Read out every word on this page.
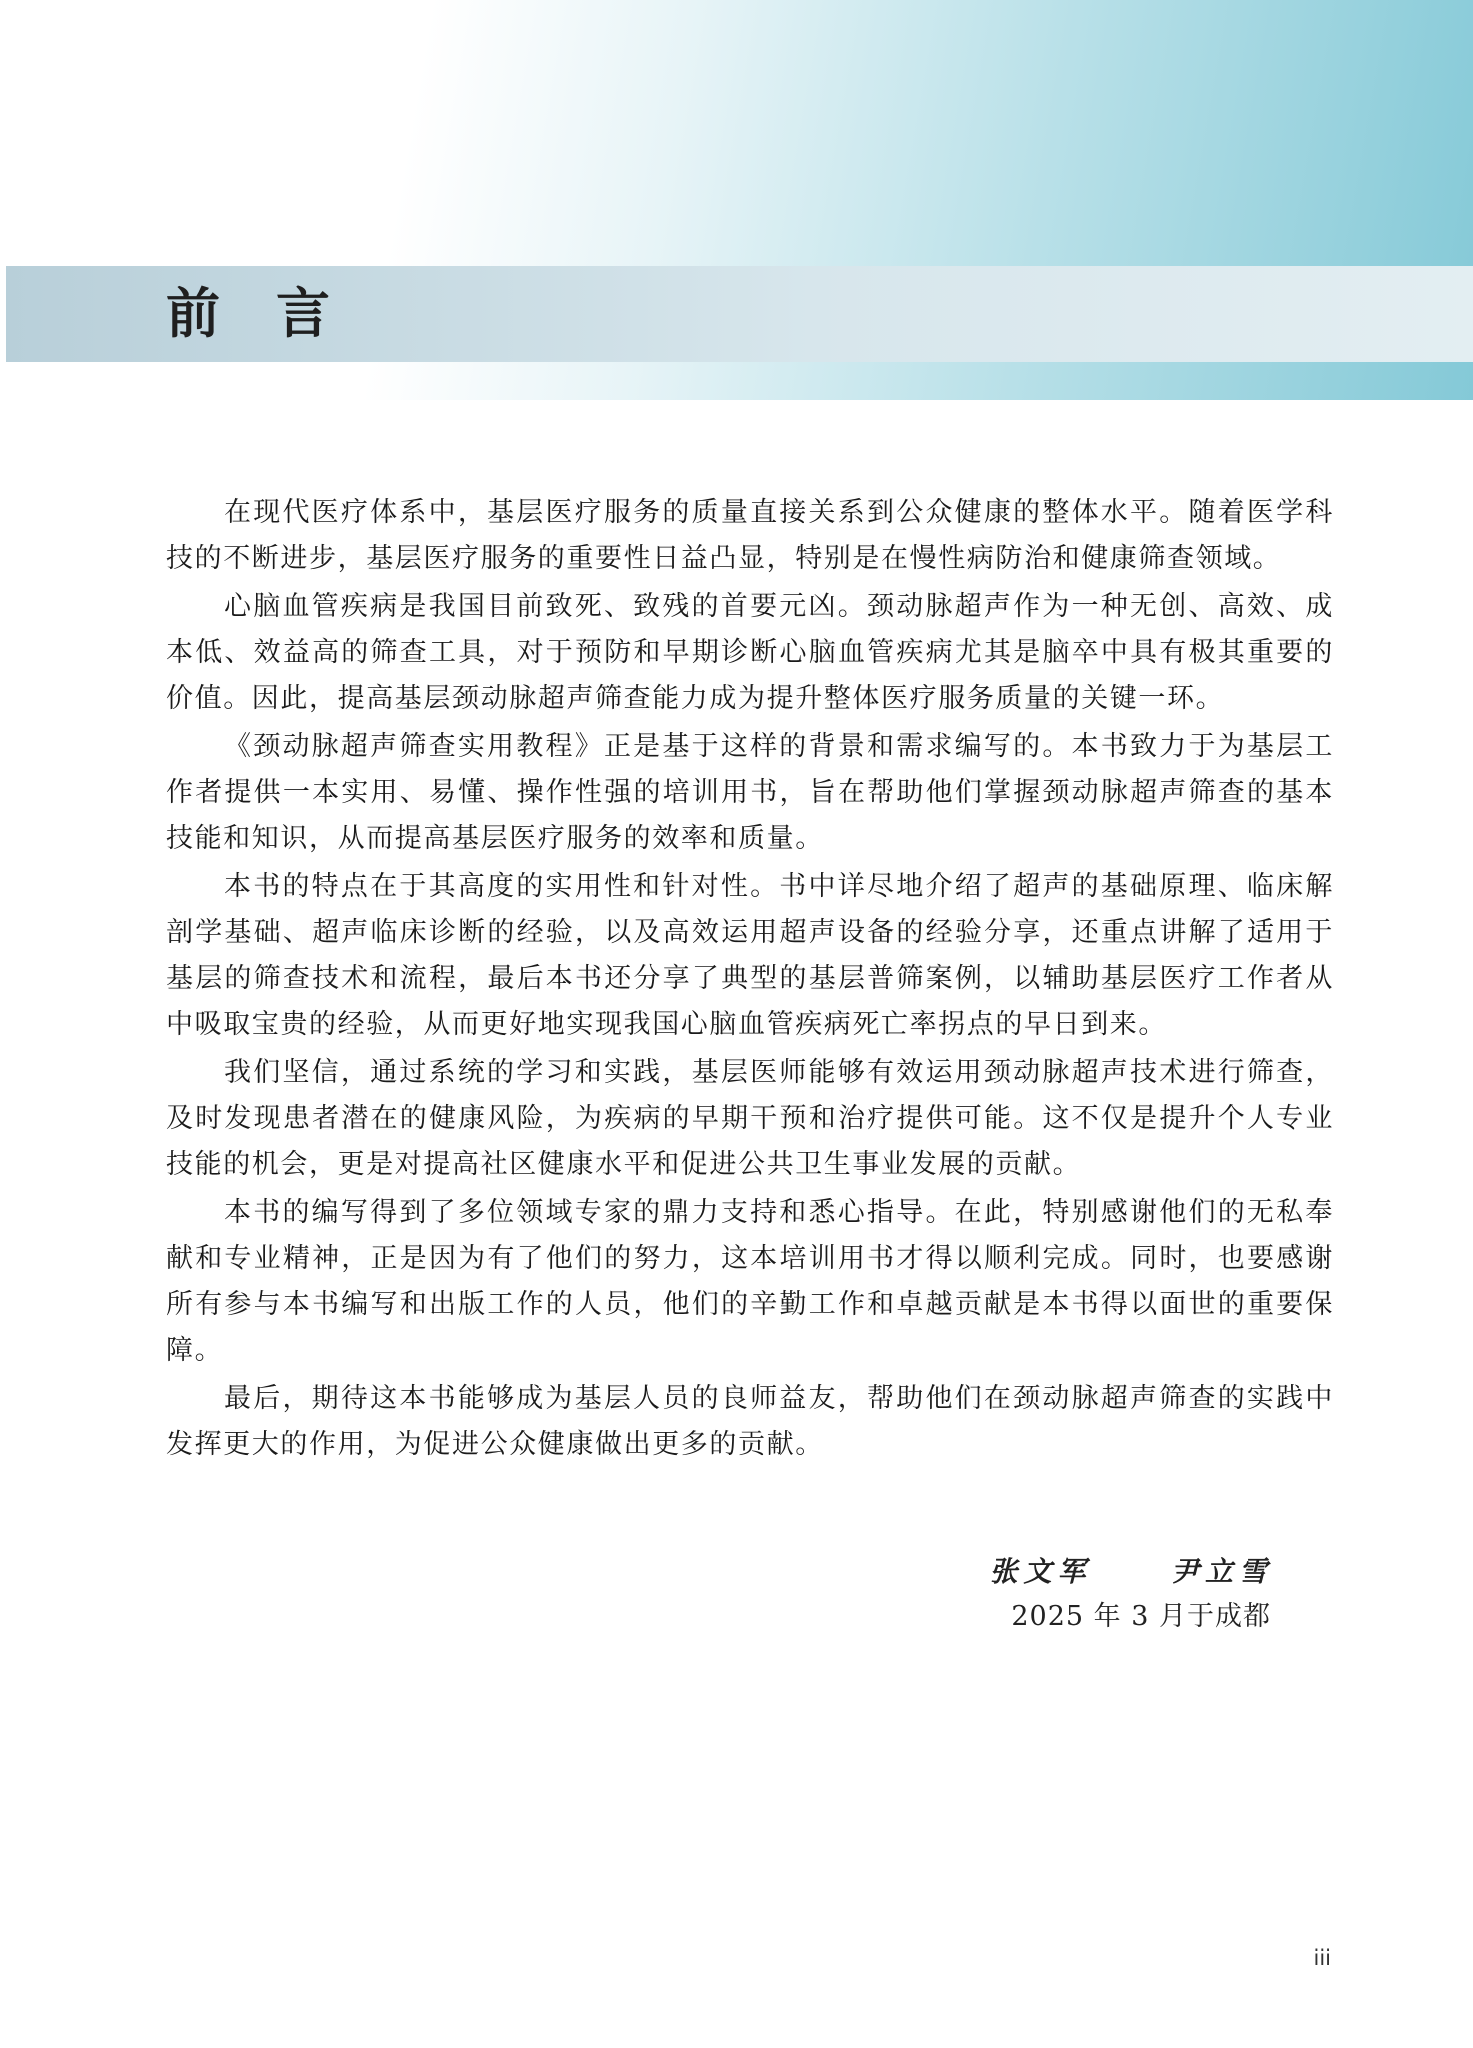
前言

在现代医疗体系中，基层医疗服务的质量直接关系到公众健康的整体水平。随着医学科技的不断进步，基层医疗服务的重要性日益凸显，特别是在慢性病防治和健康筛查领域。

心脑血管疾病是我国目前致死、致残的首要元凶。颈动脉超声作为一种无创、高效、成本低、效益高的筛查工具，对于预防和早期诊断心脑血管疾病尤其是脑卒中具有极其重要的价值。因此，提高基层颈动脉超声筛查能力成为提升整体医疗服务质量的关键一环。

《颈动脉超声筛查实用教程》正是基于这样的背景和需求编写的。本书致力于为基层工作者提供一本实用、易懂、操作性强的培训用书，旨在帮助他们掌握颈动脉超声筛查的基本技能和知识，从而提高基层医疗服务的效率和质量。

本书的特点在于其高度的实用性和针对性。书中详尽地介绍了超声的基础原理、临床解剖学基础、超声临床诊断的经验，以及高效运用超声设备的经验分享，还重点讲解了适用于基层的筛查技术和流程，最后本书还分享了典型的基层普筛案例，以辅助基层医疗工作者从中吸取宝贵的经验，从而更好地实现我国心脑血管疾病死亡率拐点的早日到来。

我们坚信，通过系统的学习和实践，基层医师能够有效运用颈动脉超声技术进行筛查，及时发现患者潜在的健康风险，为疾病的早期干预和治疗提供可能。这不仅是提升个人专业技能的机会，更是对提高社区健康水平和促进公共卫生事业发展的贡献。

本书的编写得到了多位领域专家的鼎力支持和悉心指导。在此，特别感谢他们的无私奉献和专业精神，正是因为有了他们的努力，这本培训用书才得以顺利完成。同时，也要感谢所有参与本书编写和出版工作的人员，他们的辛勤工作和卓越贡献是本书得以面世的重要保障。

最后，期待这本书能够成为基层人员的良师益友，帮助他们在颈动脉超声筛查的实践中发挥更大的作用，为促进公众健康做出更多的贡献。

张文军  尹立雪
2025 年 3 月于成都
iii
